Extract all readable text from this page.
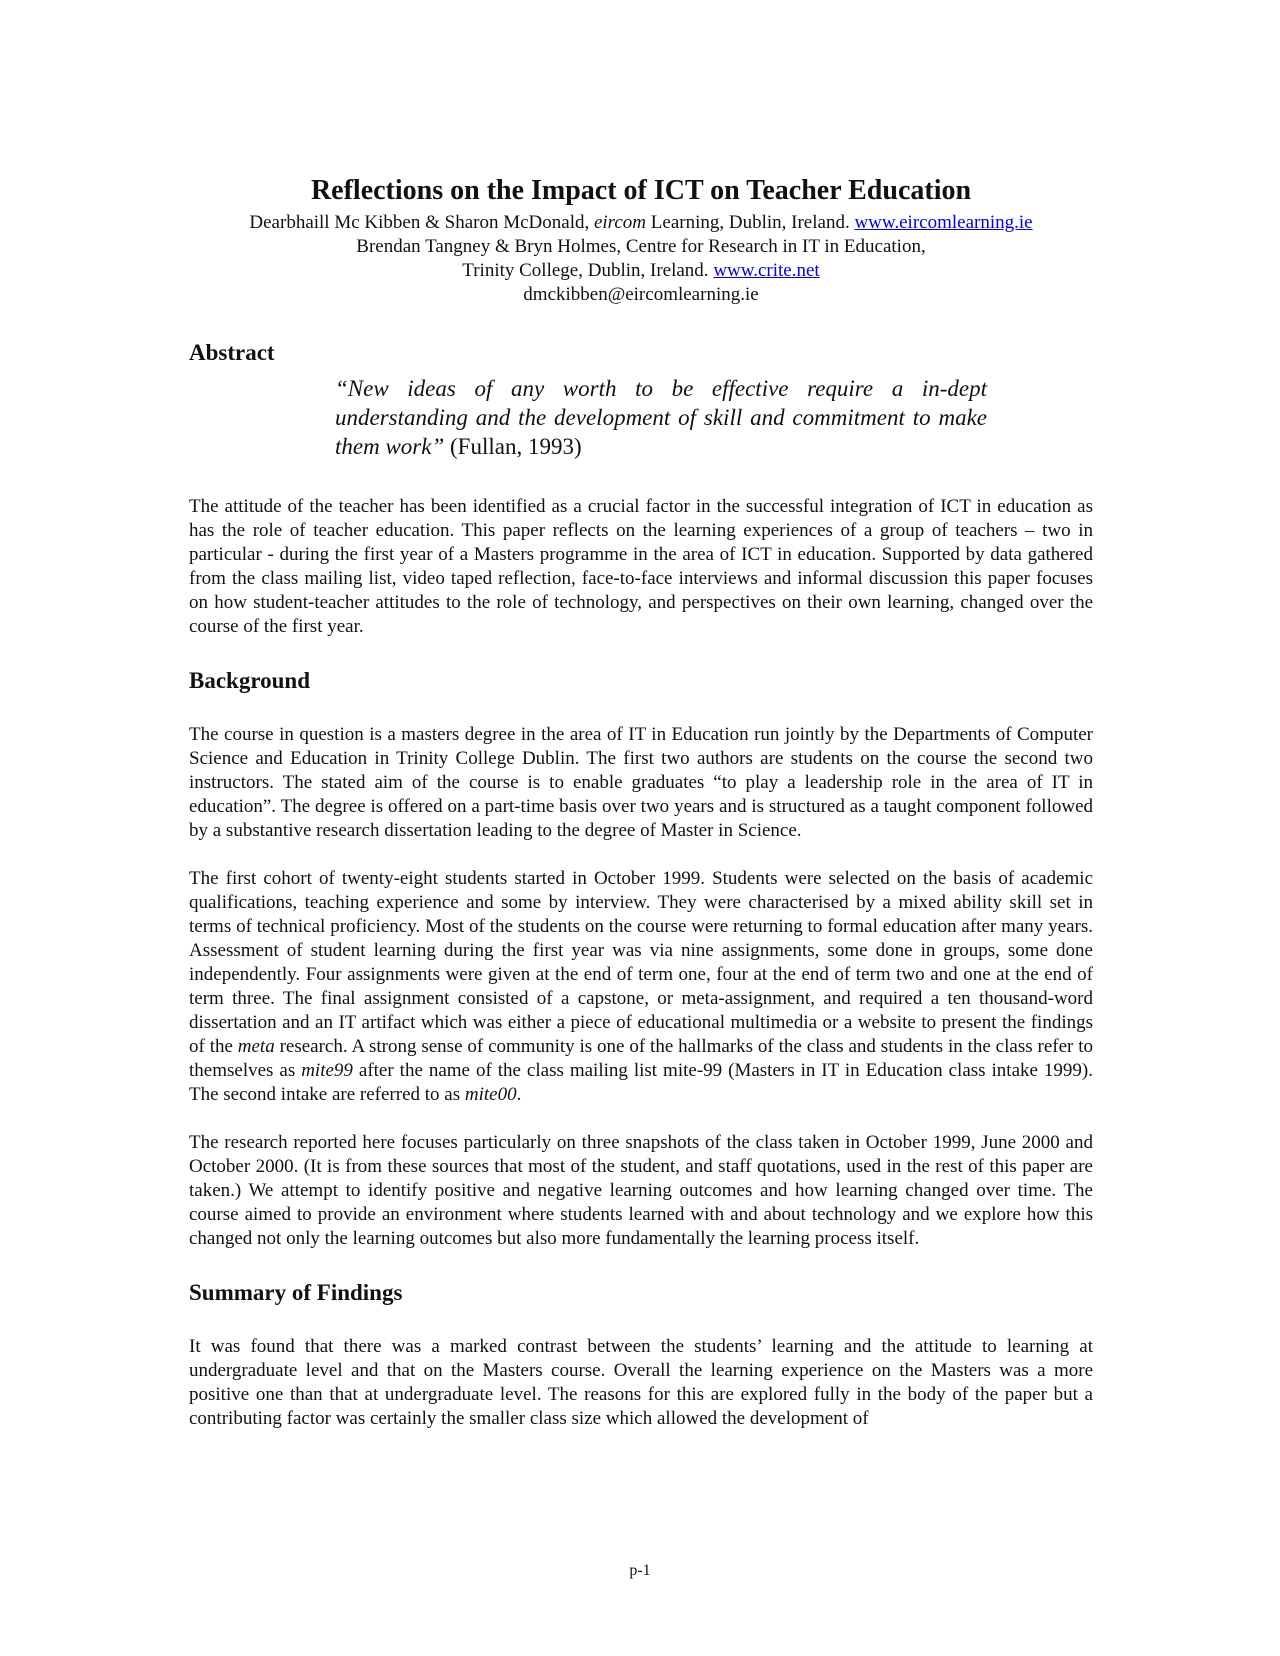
Reflections on the Impact of ICT on Teacher Education
Dearbhaill Mc Kibben & Sharon McDonald, eircom Learning, Dublin, Ireland. www.eircomlearning.ie
Brendan Tangney & Bryn Holmes, Centre for Research in IT in Education,
Trinity College, Dublin, Ireland. www.crite.net
dmckibben@eircomlearning.ie
Abstract
“New ideas of any worth to be effective require a in-dept understanding and the development of skill and commitment to make them work” (Fullan, 1993)

The attitude of the teacher has been identified as a crucial factor in the successful integration of ICT in education as has the role of teacher education. This paper reflects on the learning experiences of a group of teachers – two in particular - during the first year of a Masters programme in the area of ICT in education. Supported by data gathered from the class mailing list, video taped reflection, face-to-face interviews and informal discussion this paper focuses on how student-teacher attitudes to the role of technology, and perspectives on their own learning, changed over the course of the first year.

Background

The course in question is a masters degree in the area of IT in Education run jointly by the Departments of Computer Science and Education in Trinity College Dublin. The first two authors are students on the course the second two instructors. The stated aim of the course is to enable graduates “to play a leadership role in the area of IT in education”. The degree is offered on a part-time basis over two years and is structured as a taught component followed by a substantive research dissertation leading to the degree of Master in Science.

The first cohort of twenty-eight students started in October 1999. Students were selected on the basis of academic qualifications, teaching experience and some by interview. They were characterised by a mixed ability skill set in terms of technical proficiency. Most of the students on the course were returning to formal education after many years. Assessment of student learning during the first year was via nine assignments, some done in groups, some done independently. Four assignments were given at the end of term one, four at the end of term two and one at the end of term three. The final assignment consisted of a capstone, or meta-assignment, and required a ten thousand-word dissertation and an IT artifact which was either a piece of educational multimedia or a website to present the findings of the meta research. A strong sense of community is one of the hallmarks of the class and students in the class refer to themselves as mite99 after the name of the class mailing list mite-99 (Masters in IT in Education class intake 1999). The second intake are referred to as mite00.

The research reported here focuses particularly on three snapshots of the class taken in October 1999, June 2000 and October 2000. (It is from these sources that most of the student, and staff quotations, used in the rest of this paper are taken.) We attempt to identify positive and negative learning outcomes and how learning changed over time. The course aimed to provide an environment where students learned with and about technology and we explore how this changed not only the learning outcomes but also more fundamentally the learning process itself.

Summary of Findings

It was found that there was a marked contrast between the students’ learning and the attitude to learning at undergraduate level and that on the Masters course. Overall the learning experience on the Masters was a more positive one than that at undergraduate level. The reasons for this are explored fully in the body of the paper but a contributing factor was certainly the smaller class size which allowed the development of

p-1
